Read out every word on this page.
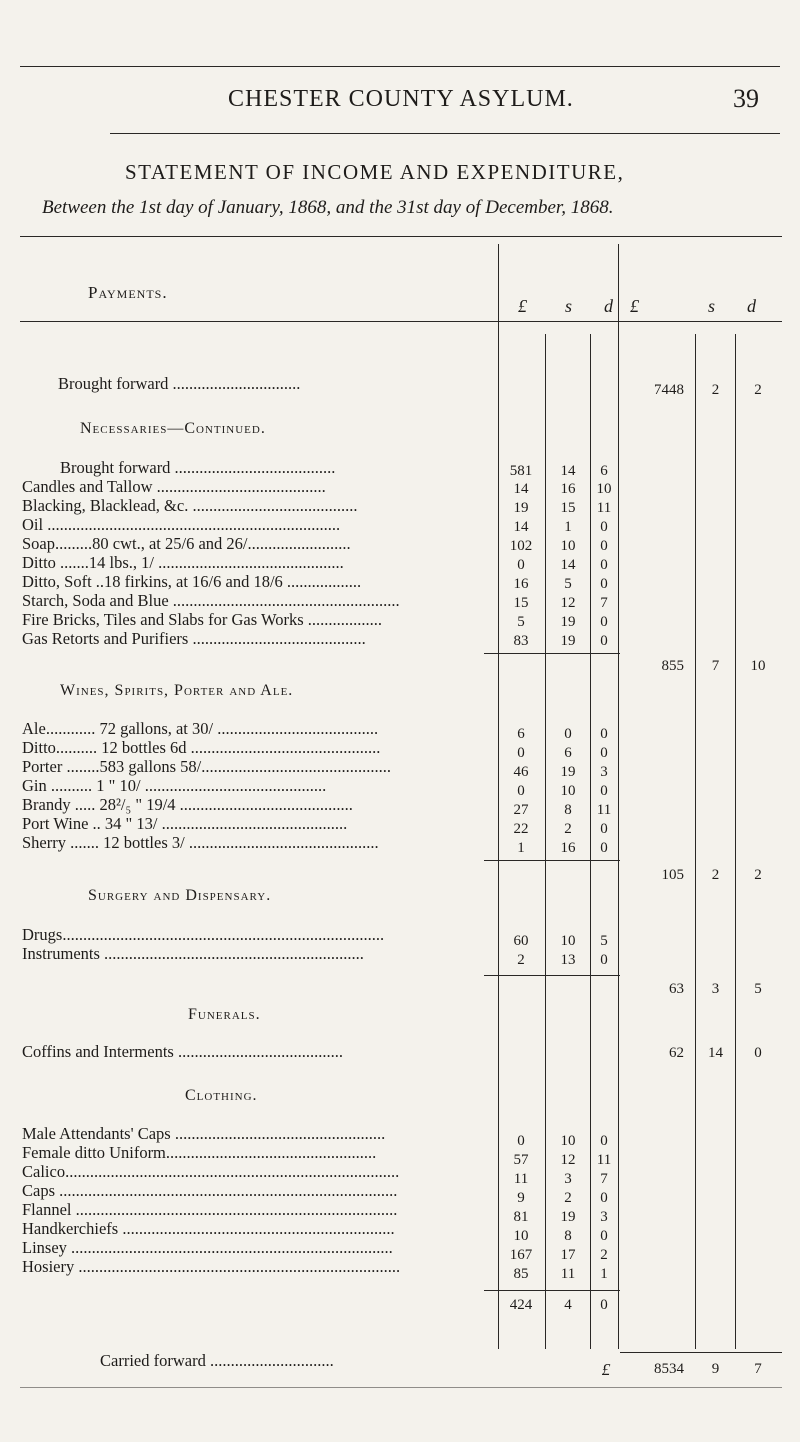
CHESTER COUNTY ASYLUM.	39
STATEMENT OF INCOME AND EXPENDITURE,
Between the 1st day of January, 1868, and the 31st day of December, 1868.
Payments.
£ s d £	s d
Brought forward ...............................	7448	2	2
Necessaries—Continued.
Brought forward .......................................	581	14	6
Candles and Tallow .........................................	14	16	10
Blacking, Blacklead, &c. ........................................	19	15	11
Oil .......................................................................	14	1	0
Soap.........80 cwt., at 25/6 and 26/.........................	102	10	0
Ditto .......14 lbs., 1/ .............................................	0	14	0
Ditto, Soft ..18 firkins, at 16/6 and 18/6 ..................	16	5	0
Starch, Soda and Blue .......................................................	15	12	7
Fire Bricks, Tiles and Slabs for Gas Works ..................	5	19	0
Gas Retorts and Purifiers ..........................................	83	19	0
855	7	10
Wines, Spirits, Porter and Ale.
Ale............ 72 gallons, at 30/ .......................................	6	0	0
Ditto.......... 12 bottles 6d ..............................................	0	6	0
Porter ........583 gallons 58/..............................................	46	19	3
Gin .......... 1 " 10/ ............................................	0	10	0
Brandy ..... 28²/₅ " 19/4 ..........................................	27	8	11
Port Wine .. 34 " 13/ .............................................	22	2	0
Sherry ....... 12 bottles 3/ ..............................................	1	16	0
105	2	2
Surgery and Dispensary.
Drugs..............................................................................	60	10	5
Instruments ...............................................................	2	13	0
63	3	5
Funerals.
Coffins and Interments ........................................	62	14	0
Clothing.
Male Attendants' Caps ...................................................	0	10	0
Female ditto Uniform...................................................	57	12	11
Calico.................................................................................	11	3	7
Caps ..................................................................................	9	2	0
Flannel ..............................................................................	81	19	3
Handkerchiefs ..................................................................	10	8	0
Linsey ..............................................................................	167	17	2
Hosiery ..............................................................................	85	11	1
424	4	0
Carried forward ..............................	£	8534	9	7
